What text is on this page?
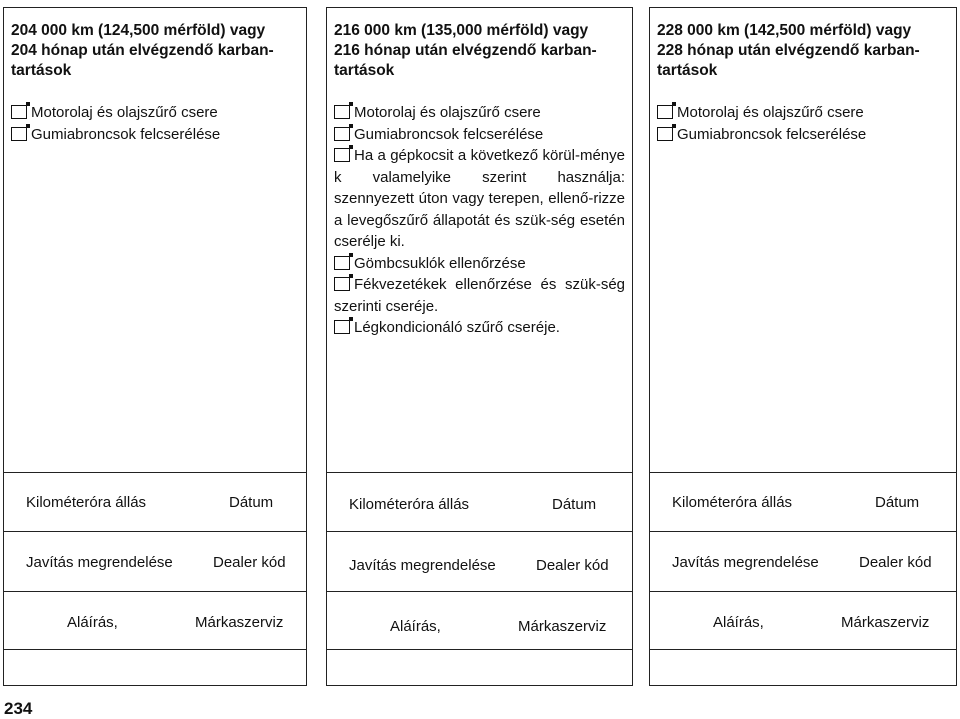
204 000 km (124,500 mérföld) vagy
204 hónap után elvégzendő karban-
tartások
Motorolaj és olajszűrő csere
Gumiabroncsok felcserélése
Kilométeróra állás	Dátum
Javítás megrendelése	Dealer kód
Aláírás,	Márkaszerviz
216 000 km (135,000 mérföld) vagy
216 hónap után elvégzendő karban-
tartások
Motorolaj és olajszűrő csere
Gumiabroncsok felcserélése
Ha a gépkocsit a következő körül-ménye k valamelyike szerint használja: szennyezett úton vagy terepen, ellenő-rizze a levegőszűrő állapotát és szük-ség esetén cserélje ki.
Gömbcsuklók ellenőrzése
Fékvezetékek ellenőrzése és szük-ség szerinti cseréje.
Légkondicionáló szűrő cseréje.
Kilométeróra állás	Dátum
Javítás megrendelése	Dealer kód
Aláírás,	Márkaszerviz
228 000 km (142,500 mérföld) vagy
228 hónap után elvégzendő karban-
tartások
Motorolaj és olajszűrő csere
Gumiabroncsok felcserélése
Kilométeróra állás	Dátum
Javítás megrendelése	Dealer kód
Aláírás,	Márkaszerviz
234
